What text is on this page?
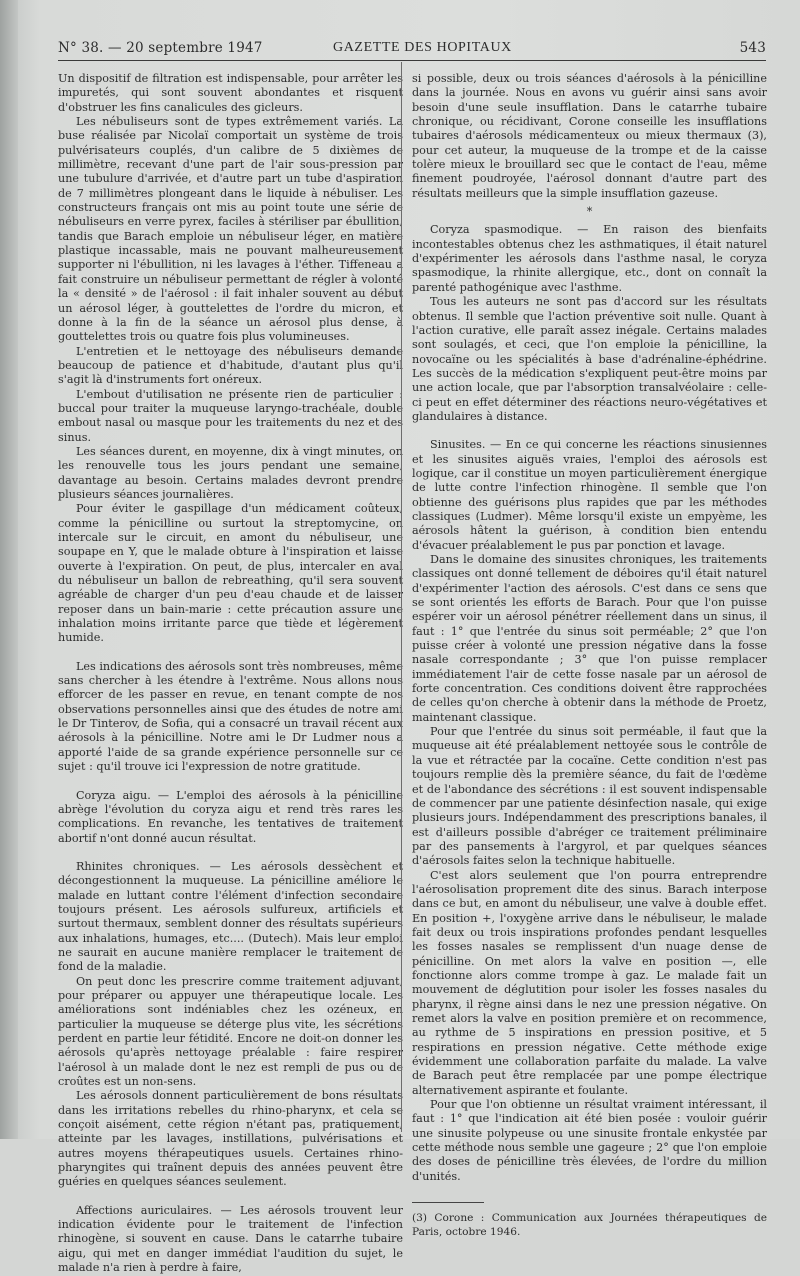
N° 38. — 20 septembre 1947	GAZETTE DES HOPITAUX	543

Un dispositif de filtration est indispensable, pour arrêter les impuretés, qui sont souvent abondantes et risquent d'obstruer les fins canalicules des gicleurs.

Les nébuliseurs sont de types extrêmement variés. La buse réalisée par Nicolaï comportait un système de trois pulvérisateurs couplés, d'un calibre de 5 dixièmes de millimètre, recevant d'une part de l'air sous-pression par une tubulure d'arrivée, et d'autre part un tube d'aspiration de 7 millimètres plongeant dans le liquide à nébuliser. Les constructeurs français ont mis au point toute une série de nébuliseurs en verre pyrex, faciles à stériliser par ébullition, tandis que Barach emploie un nébuliseur léger, en matière plastique incassable, mais ne pouvant malheureusement supporter ni l'ébullition, ni les lavages à l'éther. Tiffeneau a fait construire un nébuliseur permettant de régler à volonté la « densité » de l'aérosol : il fait inhaler souvent au début un aérosol léger, à gouttelettes de l'ordre du micron, et donne à la fin de la séance un aérosol plus dense, à gouttelettes trois ou quatre fois plus volumineuses.

L'entretien et le nettoyage des nébuliseurs demande beaucoup de patience et d'habitude, d'autant plus qu'il s'agit là d'instruments fort onéreux.

L'embout d'utilisation ne présente rien de particulier : buccal pour traiter la muqueuse laryngo-trachéale, double embout nasal ou masque pour les traitements du nez et des sinus.

Les séances durent, en moyenne, dix à vingt minutes, on les renouvelle tous les jours pendant une semaine, davantage au besoin. Certains malades devront prendre plusieurs séances journalières.

Pour éviter le gaspillage d'un médicament coûteux, comme la pénicilline ou surtout la streptomycine, on intercale sur le circuit, en amont du nébuliseur, une soupape en Y, que le malade obture à l'inspiration et laisse ouverte à l'expiration. On peut, de plus, intercaler en aval du nébuliseur un ballon de rebreathing, qu'il sera souvent agréable de charger d'un peu d'eau chaude et de laisser reposer dans un bain-marie : cette précaution assure une inhalation moins irritante parce que tiède et légèrement humide.

Les indications des aérosols sont très nombreuses, même sans chercher à les étendre à l'extrême. Nous allons nous efforcer de les passer en revue, en tenant compte de nos observations personnelles ainsi que des études de notre ami le Dr Tinterov, de Sofia, qui a consacré un travail récent aux aérosols à la pénicilline. Notre ami le Dr Ludmer nous a apporté l'aide de sa grande expérience personnelle sur ce sujet : qu'il trouve ici l'expression de notre gratitude.

Coryza aigu. — L'emploi des aérosols à la pénicilline abrège l'évolution du coryza aigu et rend très rares les complications. En revanche, les tentatives de traitement abortif n'ont donné aucun résultat.

Rhinites chroniques. — Les aérosols dessèchent et décongestionnent la muqueuse. La pénicilline améliore le malade en luttant contre l'élément d'infection secondaire toujours présent. Les aérosols sulfureux, artificiels et surtout thermaux, semblent donner des résultats supérieurs aux inhalations, humages, etc.... (Dutech). Mais leur emploi ne saurait en aucune manière remplacer le traitement de fond de la maladie.

On peut donc les prescrire comme traitement adjuvant, pour préparer ou appuyer une thérapeutique locale. Les améliorations sont indéniables chez les ozéneux, en particulier la muqueuse se déterge plus vite, les sécrétions perdent en partie leur fétidité. Encore ne doit-on donner les aérosols qu'après nettoyage préalable : faire respirer l'aérosol à un malade dont le nez est rempli de pus ou de croûtes est un non-sens.

Les aérosols donnent particulièrement de bons résultats dans les irritations rebelles du rhino-pharynx, et cela se conçoit aisément, cette région n'étant pas, pratiquement, atteinte par les lavages, instillations, pulvérisations et autres moyens thérapeutiques usuels. Certaines rhino-pharyngites qui traînent depuis des années peuvent être guéries en quelques séances seulement.

Affections auriculaires. — Les aérosols trouvent leur indication évidente pour le traitement de l'infection rhinogène, si souvent en cause. Dans le catarrhe tubaire aigu, qui met en danger immédiat l'audition du sujet, le malade n'a rien à perdre à faire,

si possible, deux ou trois séances d'aérosols à la pénicilline dans la journée. Nous en avons vu guérir ainsi sans avoir besoin d'une seule insufflation. Dans le catarrhe tubaire chronique, ou récidivant, Corone conseille les insufflations tubaires d'aérosols médicamenteux ou mieux thermaux (3), pour cet auteur, la muqueuse de la trompe et de la caisse tolère mieux le brouillard sec que le contact de l'eau, même finement poudroyée, l'aérosol donnant d'autre part des résultats meilleurs que la simple insufflation gazeuse.

*

Coryza spasmodique. — En raison des bienfaits incontestables obtenus chez les asthmatiques, il était naturel d'expérimenter les aérosols dans l'asthme nasal, le coryza spasmodique, la rhinite allergique, etc., dont on connaît la parenté pathogénique avec l'asthme.

Tous les auteurs ne sont pas d'accord sur les résultats obtenus. Il semble que l'action préventive soit nulle. Quant à l'action curative, elle paraît assez inégale. Certains malades sont soulagés, et ceci, que l'on emploie la pénicilline, la novocaïne ou les spécialités à base d'adrénaline-éphédrine. Les succès de la médication s'expliquent peut-être moins par une action locale, que par l'absorption transalvéolaire : celle-ci peut en effet déterminer des réactions neuro-végétatives et glandulaires à distance.

Sinusites. — En ce qui concerne les réactions sinusiennes et les sinusites aiguës vraies, l'emploi des aérosols est logique, car il constitue un moyen particulièrement énergique de lutte contre l'infection rhinogène. Il semble que l'on obtienne des guérisons plus rapides que par les méthodes classiques (Ludmer). Même lorsqu'il existe un empyème, les aérosols hâtent la guérison, à condition bien entendu d'évacuer préalablement le pus par ponction et lavage.

Dans le domaine des sinusites chroniques, les traitements classiques ont donné tellement de déboires qu'il était naturel d'expérimenter l'action des aérosols. C'est dans ce sens que se sont orientés les efforts de Barach. Pour que l'on puisse espérer voir un aérosol pénétrer réellement dans un sinus, il faut : 1° que l'entrée du sinus soit perméable; 2° que l'on puisse créer à volonté une pression négative dans la fosse nasale correspondante ; 3° que l'on puisse remplacer immédiatement l'air de cette fosse nasale par un aérosol de forte concentration. Ces conditions doivent être rapprochées de celles qu'on cherche à obtenir dans la méthode de Proetz, maintenant classique.

Pour que l'entrée du sinus soit perméable, il faut que la muqueuse ait été préalablement nettoyée sous le contrôle de la vue et rétractée par la cocaïne. Cette condition n'est pas toujours remplie dès la première séance, du fait de l'œdème et de l'abondance des sécrétions : il est souvent indispensable de commencer par une patiente désinfection nasale, qui exige plusieurs jours. Indépendamment des prescriptions banales, il est d'ailleurs possible d'abréger ce traitement préliminaire par des pansements à l'argyrol, et par quelques séances d'aérosols faites selon la technique habituelle.

C'est alors seulement que l'on pourra entreprendre l'aérosolisation proprement dite des sinus. Barach interpose dans ce but, en amont du nébuliseur, une valve à double effet. En position +, l'oxygène arrive dans le nébuliseur, le malade fait deux ou trois inspirations profondes pendant lesquelles les fosses nasales se remplissent d'un nuage dense de pénicilline. On met alors la valve en position —, elle fonctionne alors comme trompe à gaz. Le malade fait un mouvement de déglutition pour isoler les fosses nasales du pharynx, il règne ainsi dans le nez une pression négative. On remet alors la valve en position première et on recommence, au rythme de 5 inspirations en pression positive, et 5 respirations en pression négative. Cette méthode exige évidemment une collaboration parfaite du malade. La valve de Barach peut être remplacée par une pompe électrique alternativement aspirante et foulante.

Pour que l'on obtienne un résultat vraiment intéressant, il faut : 1° que l'indication ait été bien posée : vouloir guérir une sinusite polypeuse ou une sinusite frontale enkystée par cette méthode nous semble une gageure ; 2° que l'on emploie des doses de pénicilline très élevées, de l'ordre du million d'unités.

(3) Corone : Communication aux Journées thérapeutiques de Paris, octobre 1946.
